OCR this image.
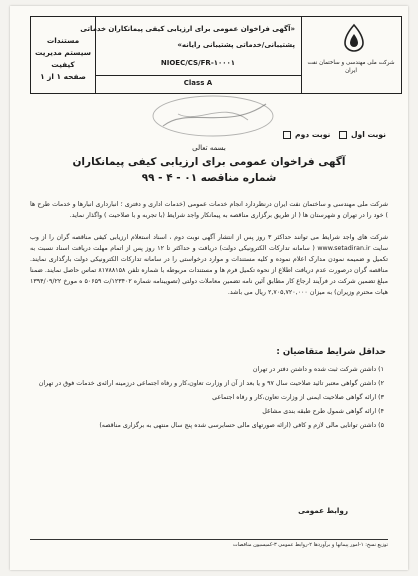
مستندات سیستم مدیریت کیفیت
صفحه ۱ از ۱
«آگهی فراخوان عمومی برای ارزیابی کیفی پیمانکاران خدماتی
پشتیبانی/خدماتی پشتیبانی رایانه»
NIOEC/CS/FR-۱۰۰۰۱
Class A
شرکت ملی مهندسی و ساختمان نفت ایران
نوبت اول    نوبت دوم
بسمه تعالی
آگهی فراخوان عمومی برای ارزیابی کیفی پیمانکاران
شماره مناقصه ۰۱ - ۴ - ۹۹
شرکت ملی مهندسی و ساختمان نفت ایران درنظردارد انجام خدمات عمومی (خدمات اداری و دفتری ؛ انبارداری انبارها و خدمات طرح ها ) خود را در تهران و شهرستان ها ( از طریق برگزاری مناقصه به پیمانکار واجد شرایط (با تجربه و با صلاحیت ) واگذار نماید.
شرکت های واجد شرایط می توانند حداکثر ۳ روز پس از انتشار آگهی نوبت دوم ، اسناد استعلام ارزیابی کیفی مناقصه گران را از وب سایت www.setadiran.ir ( سامانه تدارکات الکترونیکی دولت) دریافت و حداکثر تا ۱۲ روز پس از اتمام مهلت دریافت اسناد نسبت به تکمیل و ضمیمه نمودن مدارک اعلام نموده و کلیه مستندات و موارد درخواستی را در سامانه تدارکات الکترونیکی دولت بارگذاری نمایند. مناقصه گران درصورت عدم دریافت اطلاع از نحوه تکمیل فرم ها و مستندات مربوطه با شماره تلفن ۸۱۷۸۸۱۵۸ تماس حاصل نمایند. ضمنا مبلغ تضمین شرکت در فرآیند ارجاع کار مطابق آئین نامه تضمین معاملات دولتی (تصویبنامه شماره ۱۲۳۴۰۲/ت ۵۰۶۵۹ ه مورخ ۱۳۹۴/۰۹/۲۲ هیات محترم وزیران) به میزان ۲,۷۰۵,۷۲۰,۰۰۰ ریال می باشد.
حداقل شرایط متقاضیان :
۱) داشتن شرکت ثبت شده و داشتن دفتر در تهران
۲) داشتن گواهی معتبر تائید صلاحیت سال ۹۷ و یا بعد از آن از وزارت تعاون،کار و رفاه اجتماعی درزمینه ارائه‌ی خدمات فوق در تهران
۳) ارائه گواهی صلاحیت ایمنی از وزارت تعاون،کار و رفاه اجتماعی
۴) ارائه گواهی شمول طرح طبقه بندی مشاغل
۵) داشتن توانایی مالی لازم و کافی (ارائه صورتهای مالی حسابرسی شده پنج سال منتهی به برگزاری مناقصه)
روابط عمومی
توزیع نسخ: ۱-امور پیمانها و برآوردها ۲-روابط عمومی ۳-کمیسیون مناقصات
